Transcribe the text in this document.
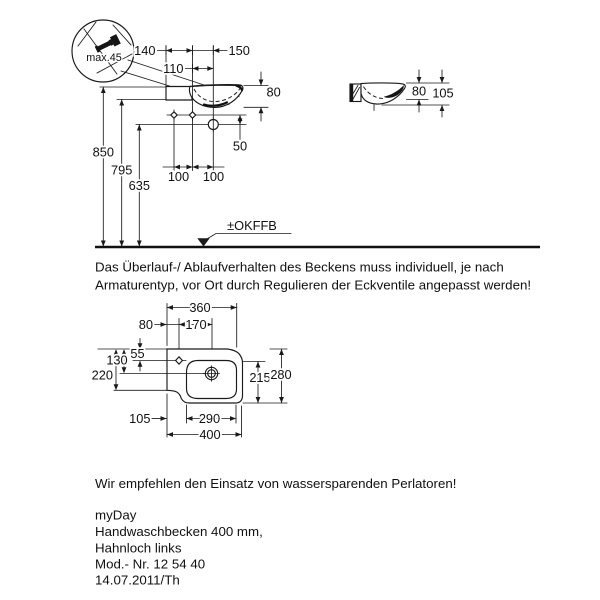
max.45
140	150
110
80
50
100 100
850
795
635
±OKFFB
80 105
Das Überlauf-/ Ablaufverhalten des Beckens muss individuell, je nach
Armaturentyp, vor Ort durch Regulieren der Eckventile angepasst werden!
360
80	170
220
130 55
215 280
105	290
400
Wir empfehlen den Einsatz von wassersparenden Perlatoren!
myDay
Handwaschbecken 400 mm,
Hahnloch links
Mod.- Nr. 12 54 40
14.07.2011/Th
